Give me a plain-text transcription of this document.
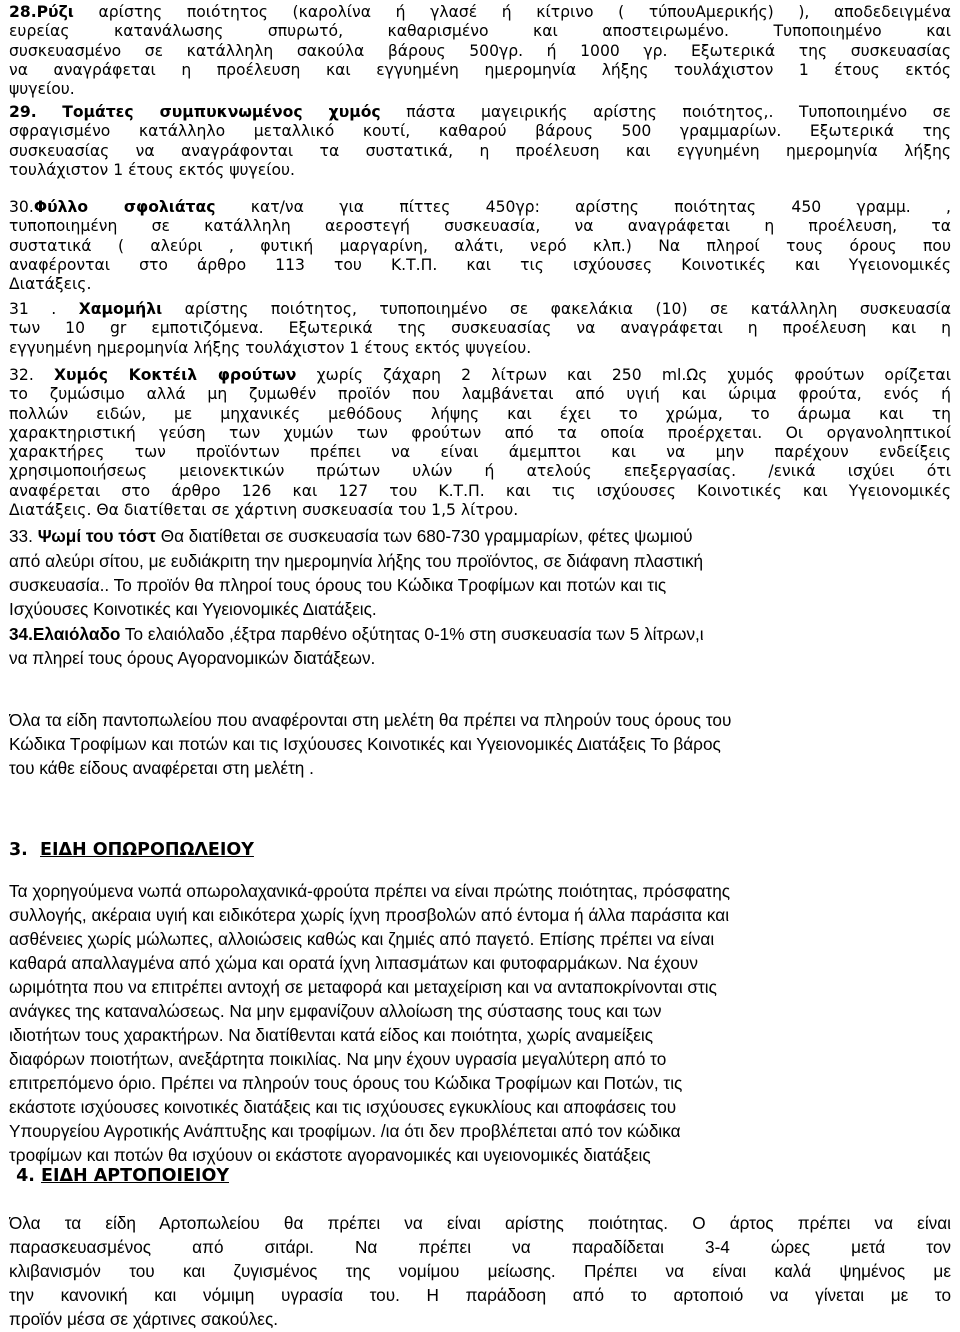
28.Ρύζι αρίστης ποιότητος (καρολίνα ή γλασέ ή κίτρινο ( τύπουΑμερικής) ), αποδεδειγμένα
ευρείας κατανάλωσης σπυρωτό, καθαρισμένο και αποστειρωμένο. Τυποποιημένο και
συσκευασμένο σε κατάλληλη σακούλα βάρους 500γρ. ή 1000 γρ. Εξωτερικά της συσκευασίας
να αναγράφεται η προέλευση και εγγυημένη ημερομηνία λήξης τουλάχιστον 1 έτους εκτός
ψυγείου.
29. Τομάτες συμπυκνωμένος χυμός πάστα μαγειρικής αρίστης ποιότητος,. Τυποποιημένο σε
σφραγισμένο κατάλληλο μεταλλικό κουτί, καθαρού βάρους 500 γραμμαρίων. Εξωτερικά της
συσκευασίας να αναγράφονται τα συστατικά, η προέλευση και εγγυημένη ημερομηνία λήξης
τουλάχιστον 1 έτους εκτός ψυγείου.
30.Φύλλο σφολιάτας κατ/να για πίττες 450γρ: αρίστης ποιότητας 450 γραμμ. ,
τυποποιημένη σε κατάλληλη αεροστεγή συσκευασία, να αναγράφεται η προέλευση, τα
συστατικά ( αλεύρι , φυτική μαργαρίνη, αλάτι, νερό κλπ.) Να πληροί τους όρους που
αναφέρονται στο άρθρο 113 του Κ.Τ.Π. και τις ισχύουσες Κοινοτικές και Υγειονομικές
Διατάξεις.
31 . Χαμομήλι αρίστης ποιότητος, τυποποιημένο σε φακελάκια (10) σε κατάλληλη συσκευασία
των 10 gr εμποτιζόμενα. Εξωτερικά της συσκευασίας να αναγράφεται η προέλευση και η
εγγυημένη ημερομηνία λήξης τουλάχιστον 1 έτους εκτός ψυγείου.
32. Χυμός Κοκτέιλ φρούτων χωρίς ζάχαρη 2 λίτρων και 250 ml.Ως χυμός φρούτων ορίζεται
το ζυμώσιμο αλλά μη ζυμωθέν προϊόν που λαμβάνεται από υγιή και ώριμα φρούτα, ενός ή
πολλών ειδών, με μηχανικές μεθόδους λήψης και έχει το χρώμα, το άρωμα και τη
χαρακτηριστική γεύση των χυμών των φρούτων από τα οποία προέρχεται. Οι οργανοληπτικοί
χαρακτήρες των προϊόντων πρέπει να είναι άμεμπτοι και να μην παρέχουν ενδείξεις
χρησιμοποιήσεως μειονεκτικών πρώτων υλών ή ατελούς επεξεργασίας. /ενικά ισχύει ότι
αναφέρεται στο άρθρο 126 και 127 του Κ.Τ.Π. και τις ισχύουσες Κοινοτικές και Υγειονομικές
Διατάξεις. Θα διατίθεται σε χάρτινη συσκευασία του 1,5 λίτρου.
33. Ψωμί του τόστ Θα διατίθεται σε συσκευασία των 680-730 γραμμαρίων, φέτες ψωμιού
από αλεύρι σίτου, με ευδιάκριτη την ημερομηνία λήξης του προϊόντος, σε διάφανη πλαστική
συσκευασία.. Το προϊόν θα πληροί τους όρους του Κώδικα Τροφίμων και ποτών και τις
Ισχύουσες Κοινοτικές και Υγειονομικές Διατάξεις.
34.Ελαιόλαδο Το ελαιόλαδο ,έξτρα παρθένο οξύτητας 0-1% στη συσκευασία των 5 λίτρων,ι
να πληρεί τους όρους Αγορανομικών διατάξεων.
Όλα τα είδη παντοπωλείου που αναφέρονται στη μελέτη θα πρέπει να πληρούν τους όρους του
Κώδικα Τροφίμων και ποτών και τις Ισχύουσες Κοινοτικές και Υγειονομικές Διατάξεις Το βάρος
του κάθε είδους αναφέρεται στη μελέτη .
3. ΕΙΔΗ ΟΠΩΡΟΠΩΛΕΙΟΥ
Τα χορηγούμενα νωπά οπωρολαχανικά-φρούτα πρέπει να είναι πρώτης ποιότητας, πρόσφατης
συλλογής, ακέραια υγιή και ειδικότερα χωρίς ίχνη προσβολών από έντομα ή άλλα παράσιτα και
ασθένειες χωρίς μώλωπες, αλλοιώσεις καθώς και ζημιές από παγετό. Επίσης πρέπει να είναι
καθαρά απαλλαγμένα από χώμα και ορατά ίχνη λιπασμάτων και φυτοφαρμάκων. Να έχουν
ωριμότητα που να επιτρέπει αντοχή σε μεταφορά και μεταχείριση και να ανταποκρίνονται στις
ανάγκες της καταναλώσεως. Να μην εμφανίζουν αλλοίωση της σύστασης τους και των
ιδιοτήτων τους χαρακτήρων. Να διατίθενται κατά είδος και ποιότητα, χωρίς αναμείξεις
διαφόρων ποιοτήτων, ανεξάρτητα ποικιλίας. Να μην έχουν υγρασία μεγαλύτερη από το
επιτρεπόμενο όριο. Πρέπει να πληρούν τους όρους του Κώδικα Τροφίμων και Ποτών, τις
εκάστοτε ισχύουσες κοινοτικές διατάξεις και τις ισχύουσες εγκυκλίους και αποφάσεις του
Υπουργείου Αγροτικής Ανάπτυξης και τροφίμων. /ια ότι δεν προβλέπεται από τον κώδικα
τροφίμων και ποτών θα ισχύουν οι εκάστοτε αγορανομικές και υγειονομικές διατάξεις
4. ΕΙΔΗ ΑΡΤΟΠΟΙΕΙΟΥ
Όλα τα είδη Αρτοπωλείου θα πρέπει να είναι αρίστης ποιότητας. Ο άρτος πρέπει να είναι
παρασκευασμένος από σιτάρι. Να πρέπει να παραδίδεται 3-4 ώρες μετά τον
κλιβανισμόν του και ζυγισμένος της νομίμου μείωσης. Πρέπει να είναι καλά ψημένος με
την κανονική και νόμιμη υγρασία του. Η παράδοση από το αρτοποιό να γίνεται με το
προϊόν μέσα σε χάρτινες σακούλες.
